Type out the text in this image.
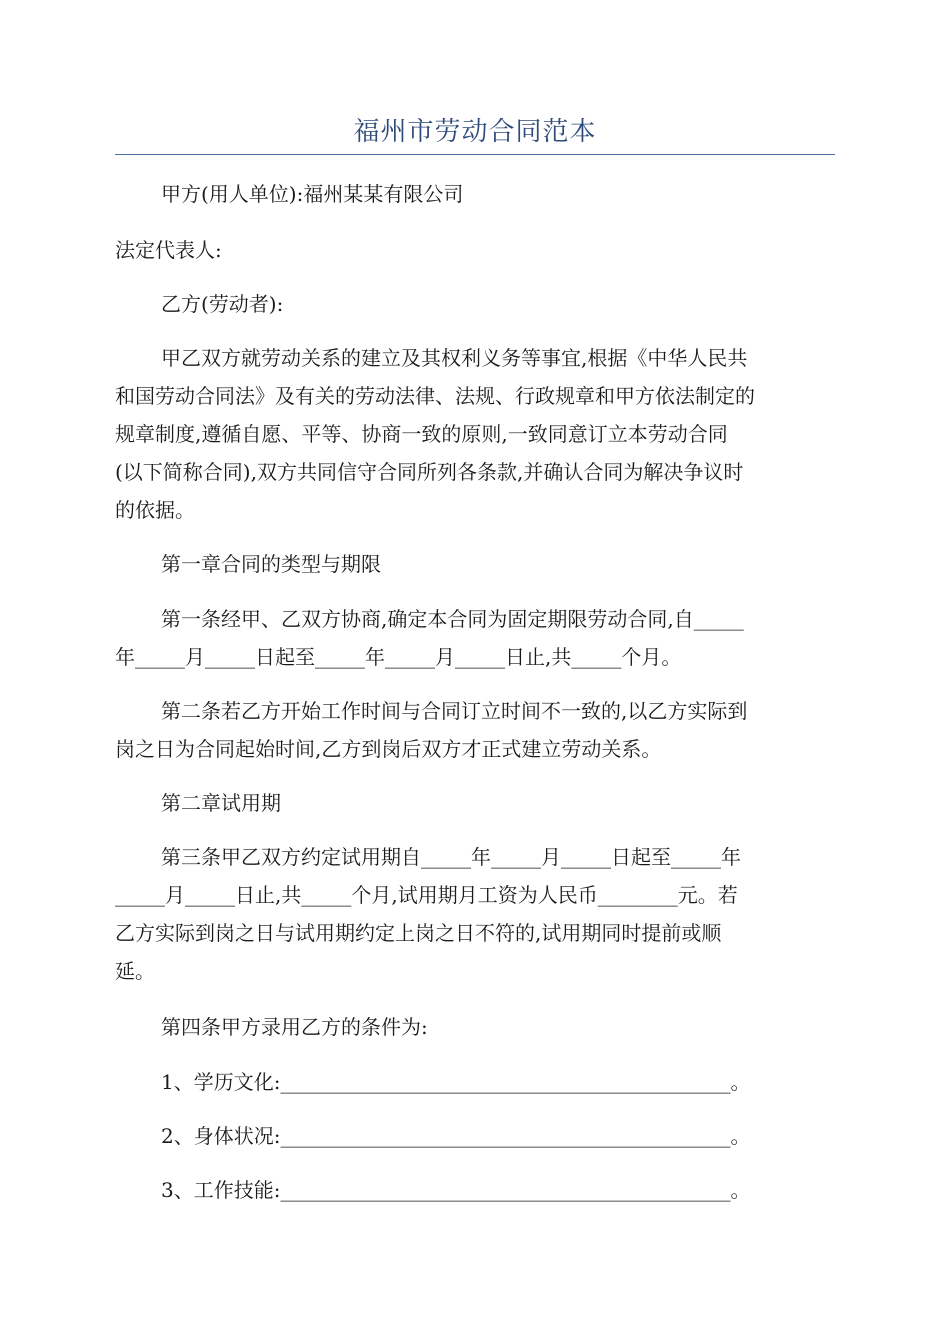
福州市劳动合同范本

甲方(用人单位):福州某某有限公司

法定代表人:

乙方(劳动者):

甲乙双方就劳动关系的建立及其权利义务等事宜,根据《中华人民共

和国劳动合同法》及有关的劳动法律、法规、行政规章和甲方依法制定的

规章制度,遵循自愿、平等、协商一致的原则,一致同意订立本劳动合同

(以下简称合同),双方共同信守合同所列各条款,并确认合同为解决争议时

的依据。

第一章合同的类型与期限

第一条经甲、乙双方协商,确定本合同为固定期限劳动合同,自_____

年_____月_____日起至_____年_____月_____日止,共_____个月。

第二条若乙方开始工作时间与合同订立时间不一致的,以乙方实际到

岗之日为合同起始时间,乙方到岗后双方才正式建立劳动关系。

第二章试用期

第三条甲乙双方约定试用期自_____年_____月_____日起至_____年

_____月_____日止,共_____个月,试用期月工资为人民币________元。若

乙方实际到岗之日与试用期约定上岗之日不符的,试用期同时提前或顺

延。

第四条甲方录用乙方的条件为:

1、学历文化:_____________________________________________。

2、身体状况:_____________________________________________。

3、工作技能:_____________________________________________。
